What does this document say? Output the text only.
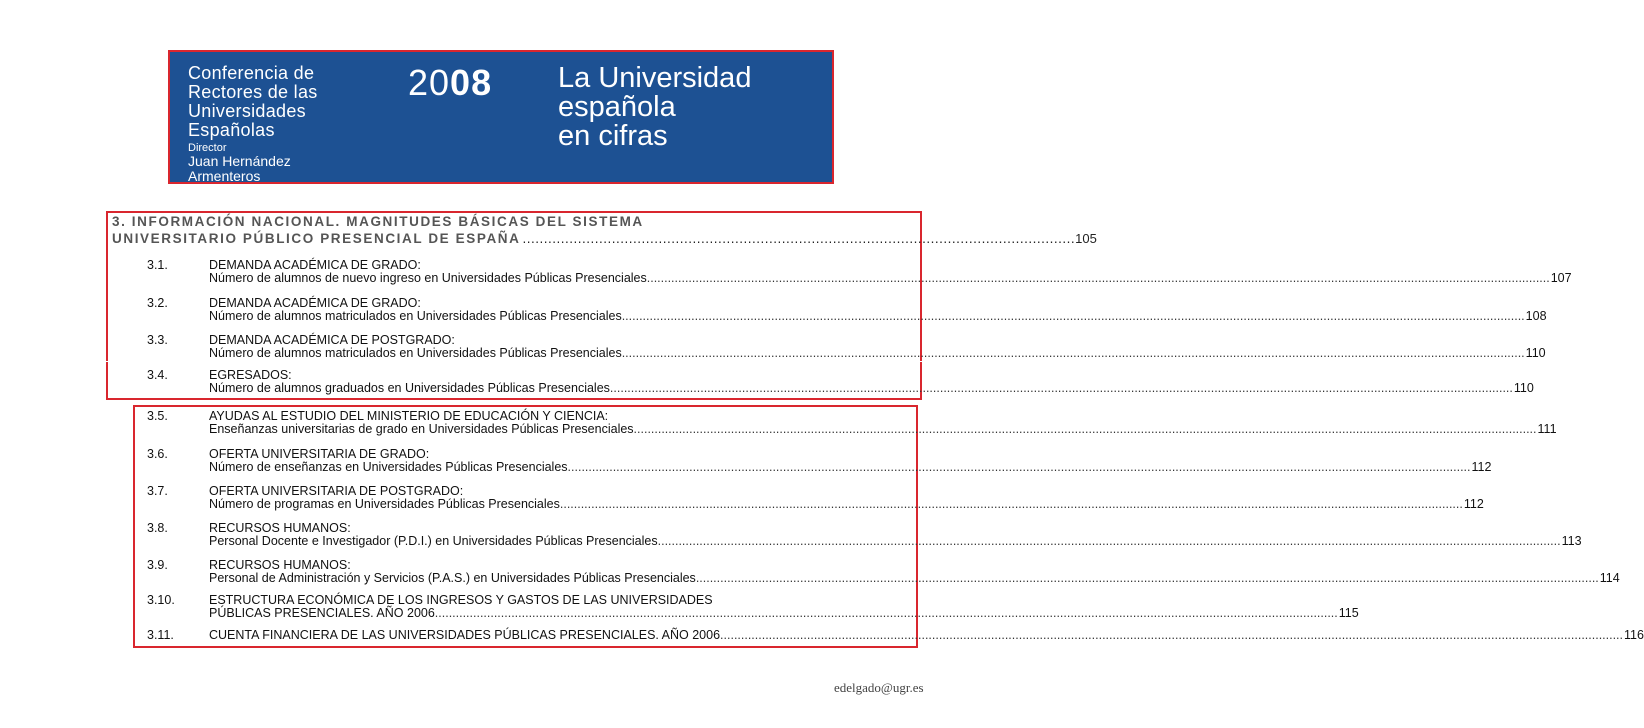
Conferencia de
Rectores de las
Universidades
Españolas
Director
Juan Hernández
Armenteros
2008 La Universidad
española
en cifras
3. INFORMACIÓN NACIONAL. MAGNITUDES BÁSICAS DEL SISTEMA
UNIVERSITARIO PÚBLICO PRESENCIAL DE ESPAÑA .................................................................................................................................. 105
3.1.	DEMANDA ACADÉMICA DE GRADO:
Número de alumnos de nuevo ingreso en Universidades Públicas Presenciales .................................................................................................................................................................................................................................................................... 107
3.2.	DEMANDA ACADÉMICA DE GRADO:
Número de alumnos matriculados en Universidades Públicas Presenciales .................................................................................................................................................................................................................................................................... 108
3.3.	DEMANDA ACADÉMICA DE POSTGRADO:
Número de alumnos matriculados en Universidades Públicas Presenciales .................................................................................................................................................................................................................................................................... 110
3.4.	EGRESADOS:
Número de alumnos graduados en Universidades Públicas Presenciales .................................................................................................................................................................................................................................................................... 110
3.5.	AYUDAS AL ESTUDIO DEL MINISTERIO DE EDUCACIÓN Y CIENCIA:
Enseñanzas universitarias de grado en Universidades Públicas Presenciales .................................................................................................................................................................................................................................................................... 111
3.6.	OFERTA UNIVERSITARIA DE GRADO:
Número de enseñanzas en Universidades Públicas Presenciales .................................................................................................................................................................................................................................................................... 112
3.7.	OFERTA UNIVERSITARIA DE POSTGRADO:
Número de programas en Universidades Públicas Presenciales .................................................................................................................................................................................................................................................................... 112
3.8.	RECURSOS HUMANOS:
Personal Docente e Investigador (P.D.I.) en Universidades Públicas Presenciales .................................................................................................................................................................................................................................................................... 113
3.9.	RECURSOS HUMANOS:
Personal de Administración y Servicios (P.A.S.) en Universidades Públicas Presenciales .................................................................................................................................................................................................................................................................... 114
3.10.	ESTRUCTURA ECONÓMICA DE LOS INGRESOS Y GASTOS DE LAS UNIVERSIDADES
PÚBLICAS PRESENCIALES. AÑO 2006 .................................................................................................................................................................................................................................................................... 115
3.11.	CUENTA FINANCIERA DE LAS UNIVERSIDADES PÚBLICAS PRESENCIALES. AÑO 2006 .................................................................................................................................................................................................................................................................... 116
edelgado@ugr.es
